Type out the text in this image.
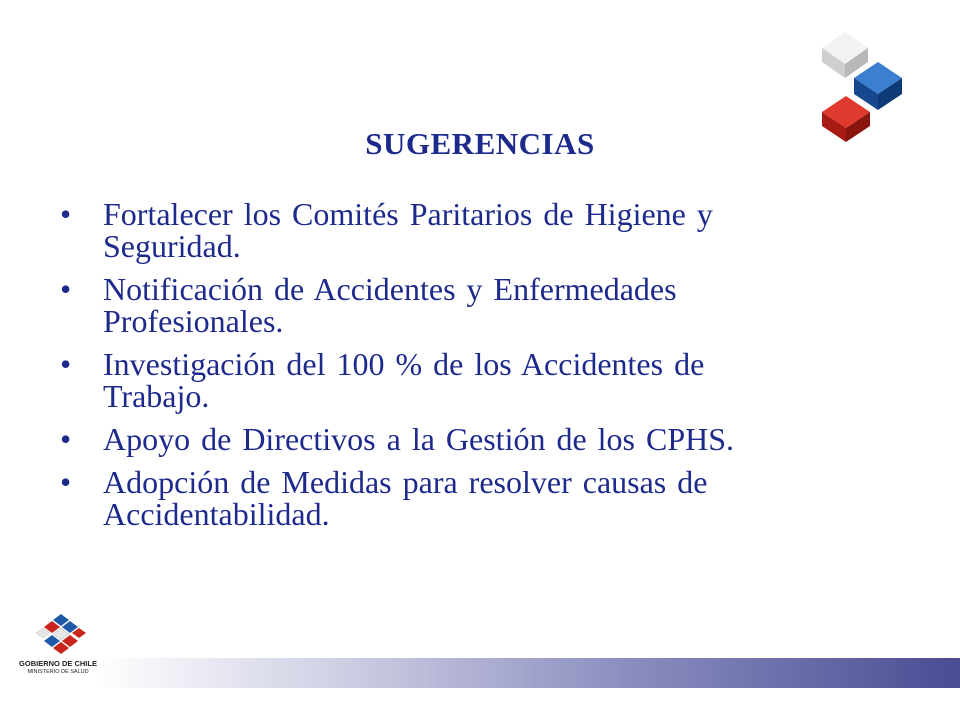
SUGERENCIAS
• Fortalecer los Comités Paritarios de Higiene y
Seguridad.
• Notificación de Accidentes y Enfermedades
Profesionales.
• Investigación del 100 % de los Accidentes de
Trabajo.
• Apoyo de Directivos a la Gestión de los CPHS.
• Adopción de Medidas para resolver causas de
Accidentabilidad.
GOBIERNO DE CHILE
MINISTERIO DE SALUD
